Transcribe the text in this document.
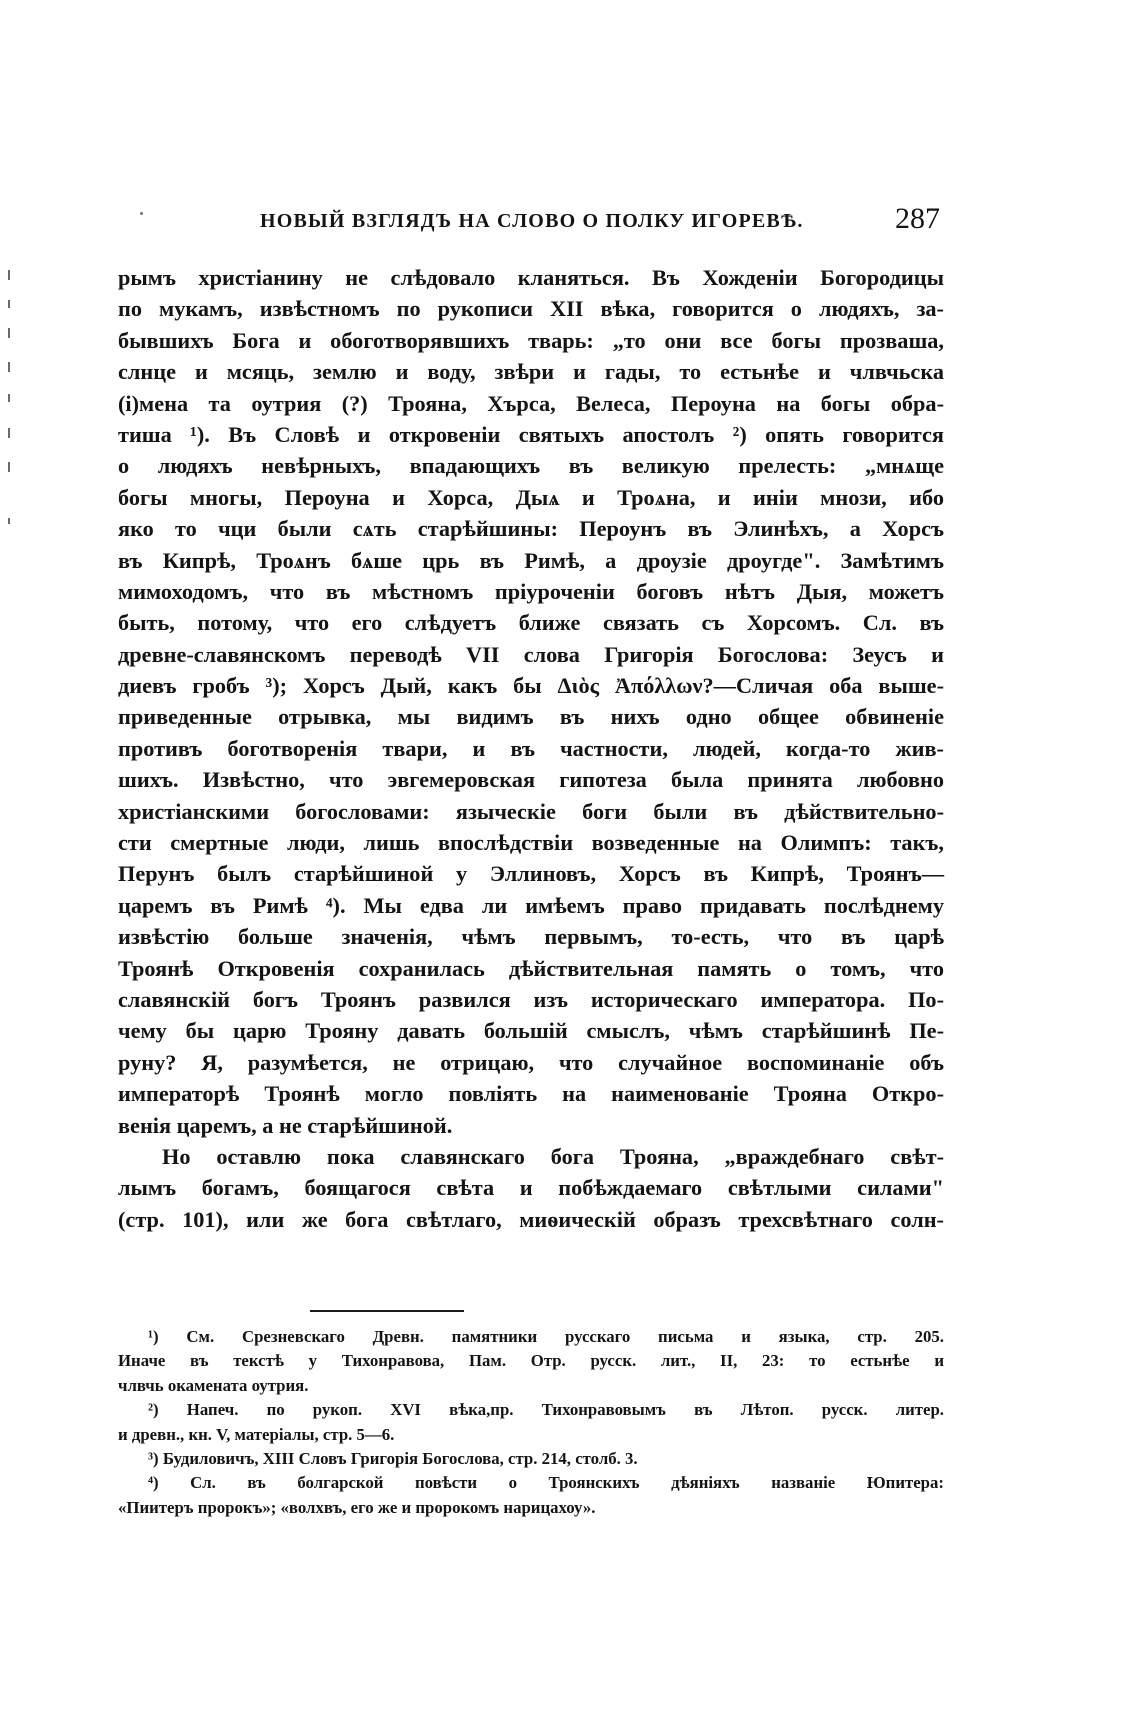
НОВЫЙ ВЗГЛЯДЪ НА СЛОВО О ПОЛКУ ИГОРЕВѢ.	287
рымъ христіанину не слѣдовало кланяться. Въ Хожденіи Богородицы
по мукамъ, извѣстномъ по рукописи XII вѣка, говорится о людяхъ, за-
бывшихъ Бога и обоготворявшихъ тварь: „то они все богы прозваша,
слнце и мсяць, землю и воду, звѣри и гады, то естьнѣе и члвчьска
(і)мена та оутрия (?) Трояна, Хърса, Велеса, Пероуна на богы обра-
тиша ¹). Въ Словѣ и откровеніи святыхъ апостолъ ²) опять говорится
о людяхъ невѣрныхъ, впадающихъ въ великую прелесть: „мнѧще
богы многы, Пероуна и Хорса, Дыѧ и Троѧна, и инiи мнози, ибо
яко то чци были сѧть старѣйшины: Пероунъ въ Элинѣхъ, а Хорсъ
въ Кипрѣ, Троѧнъ бѧше црь въ Римѣ, а дроузіе дроугде". Замѣтимъ
мимоходомъ, что въ мѣстномъ пріуроченіи боговъ нѣтъ Дыя, можетъ
быть, потому, что его слѣдуетъ ближе связать съ Хорсомъ. Сл. въ
древне-славянскомъ переводѣ VII слова Григорія Богослова: Зеусъ и
диевъ гробъ ³); Хорсъ Дый, какъ бы Διὸς Ἀπόλλων?—Сличая оба выше-
приведенные отрывка, мы видимъ въ нихъ одно общее обвиненіе
противъ боготворенія твари, и въ частности, людей, когда-то жив-
шихъ. Извѣстно, что эвгемеровская гипотеза была принята любовно
христіанскими богословами: языческіе боги были въ дѣйствительно-
сти смертные люди, лишь впослѣдствіи возведенные на Олимпъ: такъ,
Перунъ былъ старѣйшиной у Эллиновъ, Хорсъ въ Кипрѣ, Троянъ—
царемъ въ Римѣ ⁴). Мы едва ли имѣемъ право придавать послѣднему
извѣстію больше значенія, чѣмъ первымъ, то-есть, что въ царѣ
Троянѣ Откровенія сохранилась дѣйствительная память о томъ, что
славянскій богъ Троянъ развился изъ историческаго императора. По-
чему бы царю Трояну давать большій смыслъ, чѣмъ старѣйшинѣ Пе-
руну? Я, разумѣется, не отрицаю, что случайное воспоминаніе объ
императорѣ Троянѣ могло повліять на наименованіе Трояна Откро-
венія царемъ, а не старѣйшиной.
Но оставлю пока славянскаго бога Трояна, „враждебнаго свѣт-
лымъ богамъ, боящагося свѣта и побѣждаемаго свѣтлыми силами"
(стр. 101), или же бога свѣтлаго, миѳическій образъ трехсвѣтнаго солн-
¹) См. Срезневскаго Древн. памятники русскаго письма и языка, стр. 205.
Иначе въ текстѣ у Тихонравова, Пам. Отр. русск. лит., II, 23: то естьнѣе и
члвчь окамената оутрия.
²) Напеч. по рукоп. XVI вѣка,пр. Тихонравовымъ въ Лѣтоп. русск. литер.
и древн., кн. V, матеріалы, стр. 5—6.
³) Будиловичъ, XIII Словъ Григорія Богослова, стр. 214, столб. 3.
⁴) Сл. въ болгарской повѣсти о Троянскихъ дѣяніяхъ названіе Юпитера:
«Пиитеръ пророкъ»; «волхвъ, его же и пророкомъ нарицахоу».
